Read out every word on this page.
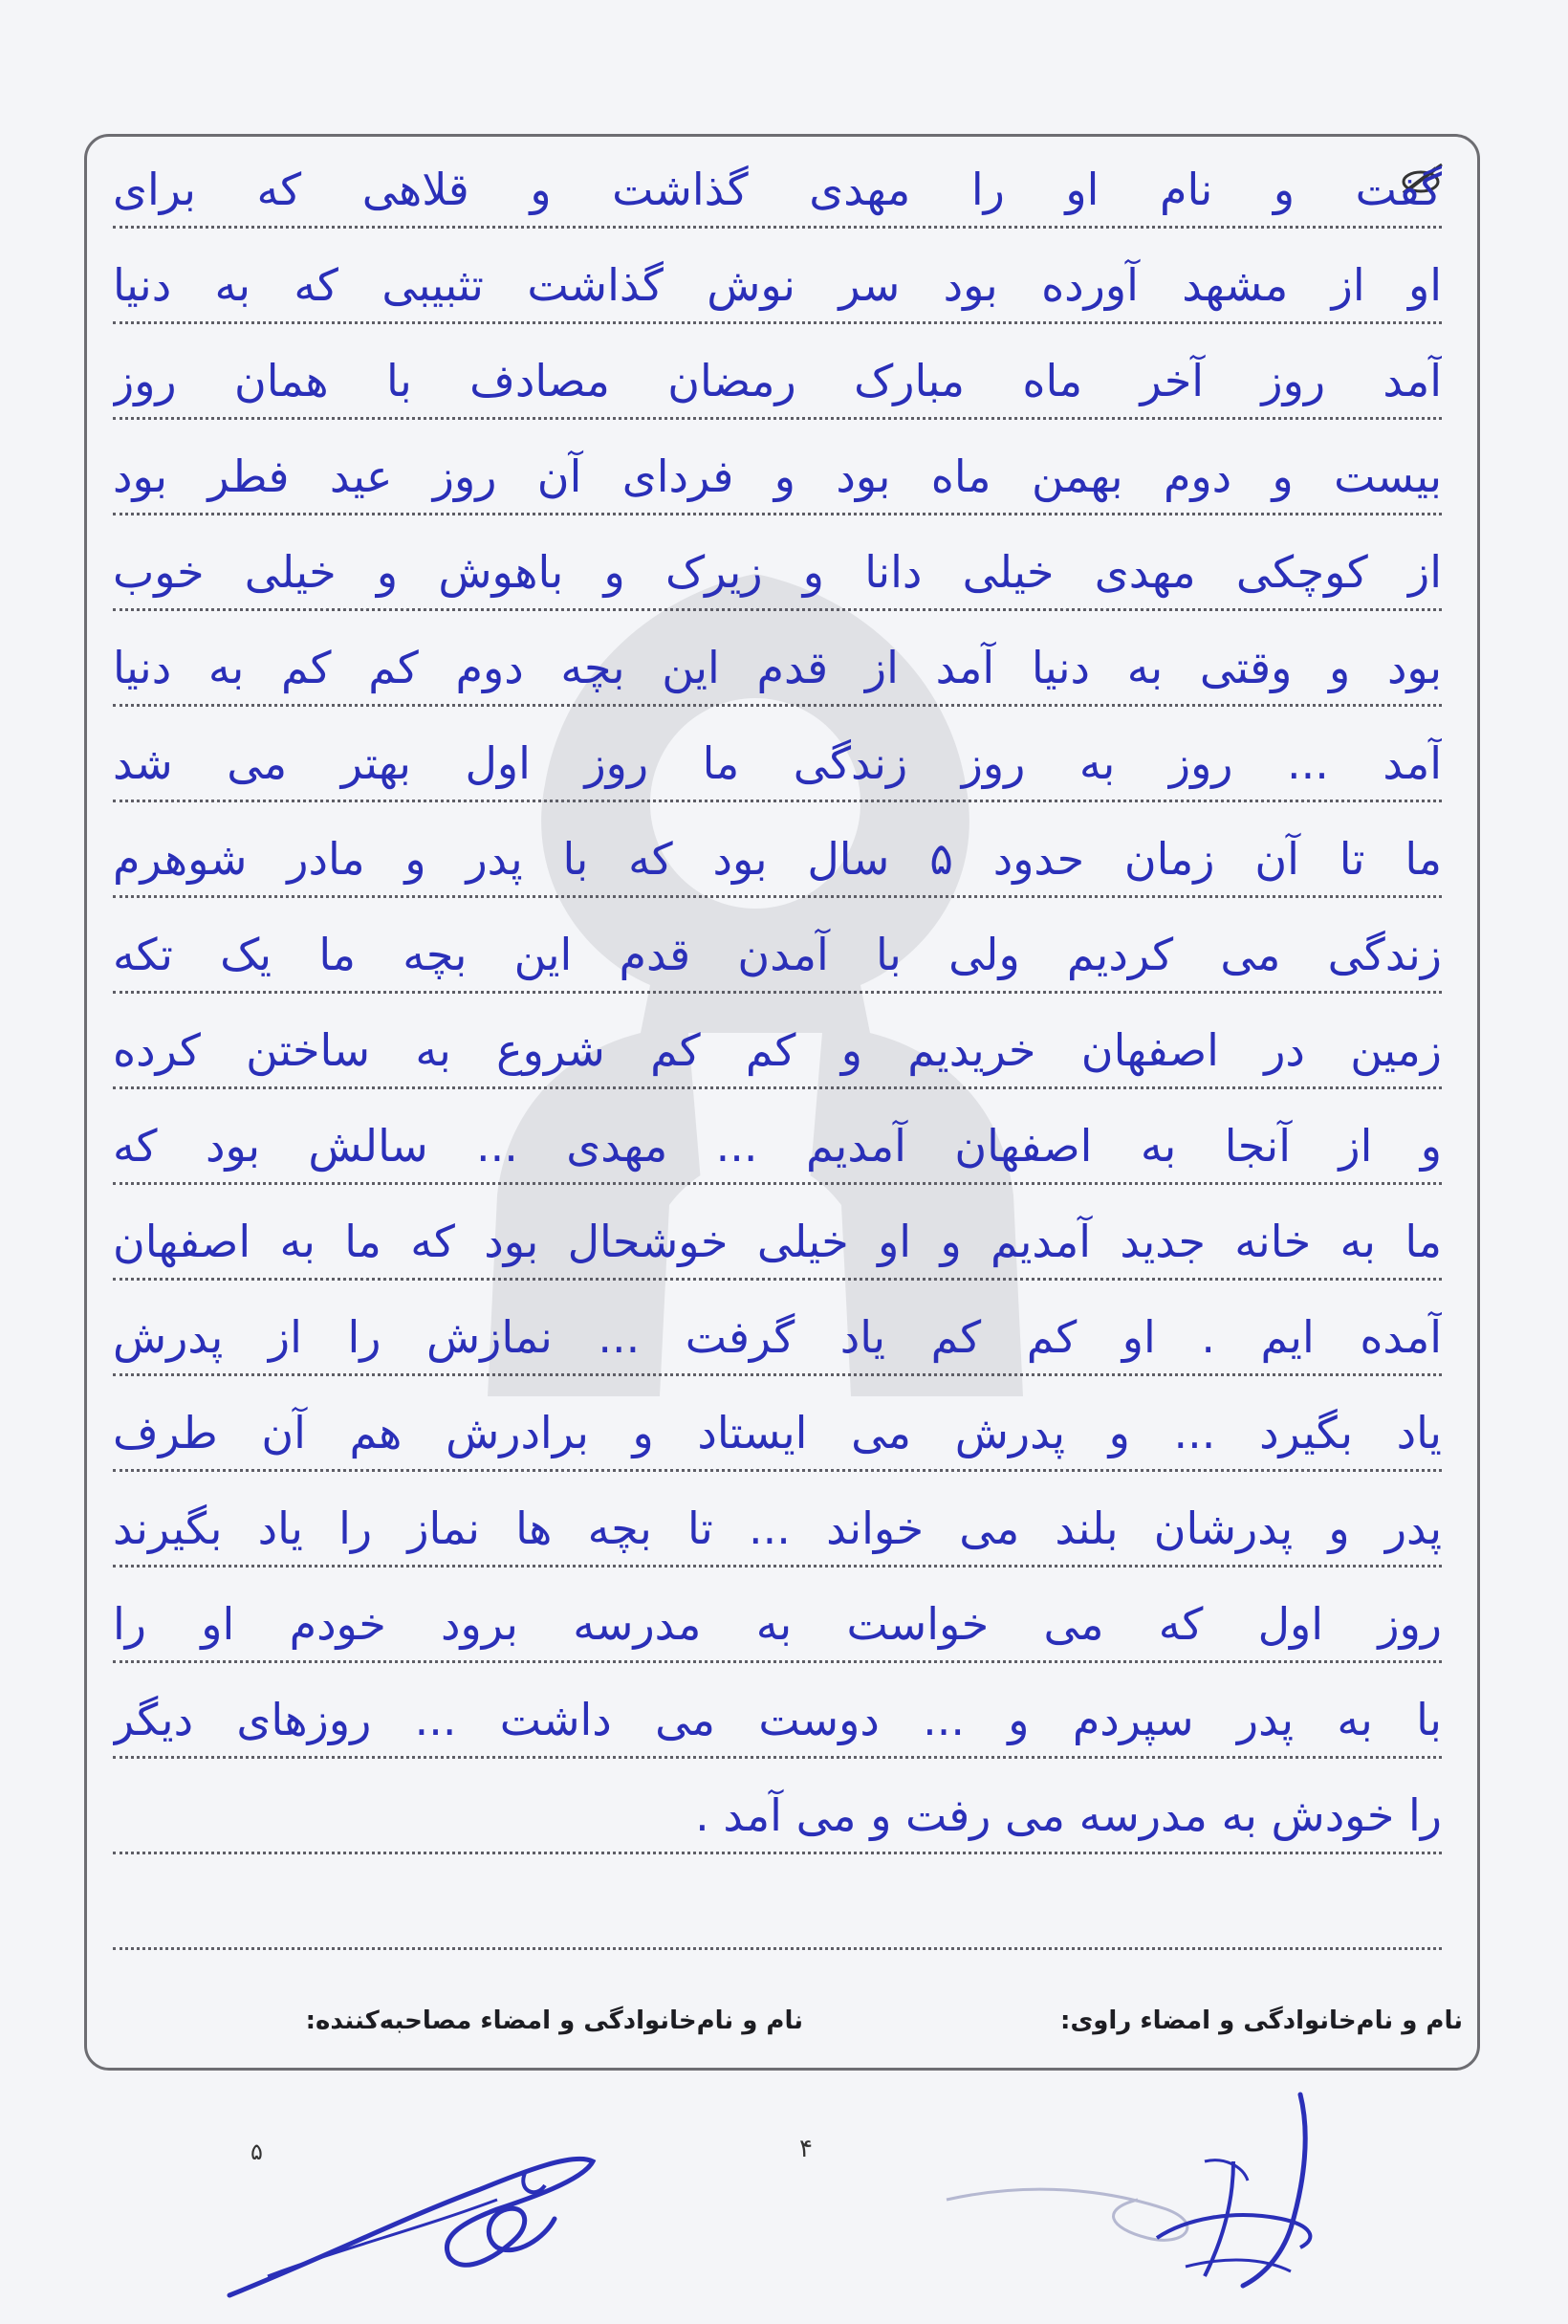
گفت و نام او را مهدی گذاشت و قلاهی که برای
او از مشهد آورده بود سر نوش گذاشت تثبیبی که به دنیا
آمد روز آخر ماه مبارک رمضان مصادف با همان روز
بیست و دوم بهمن ماه بود و فردای آن روز عید فطر بود
از کوچکی مهدی خیلی دانا و زیرک و باهوش و خیلی خوب
بود و وقتی به دنیا آمد از قدم این بچه دوم کم کم به دنیا
آمد ... روز به روز زندگی ما روز اول بهتر می شد
ما تا آن زمان حدود ۵ سال بود که با پدر و مادر شوهرم
زندگی می کردیم ولی با آمدن قدم این بچه ما یک تکه
زمین در اصفهان خریدیم و کم کم شروع به ساختن کرده
و از آنجا به اصفهان آمدیم ... مهدی ... سالش بود که
ما به خانه جدید آمدیم و او خیلی خوشحال بود که ما به اصفهان
آمده ایم . او کم کم یاد گرفت ... نمازش را از پدرش
یاد بگیرد ... و پدرش می ایستاد و برادرش هم آن طرف
پدر و پدرشان بلند می خواند ... تا بچه ها نماز را یاد بگیرند
روز اول که می خواست به مدرسه برود خودم او را
با به پدر سپردم و ... دوست می داشت ... روزهای دیگر
را خودش به مدرسه می رفت و می آمد .
نام و نام‌خانوادگی و امضاء راوی:
نام و نام‌خانوادگی و امضاء مصاحبه‌کننده:
۵	۴
